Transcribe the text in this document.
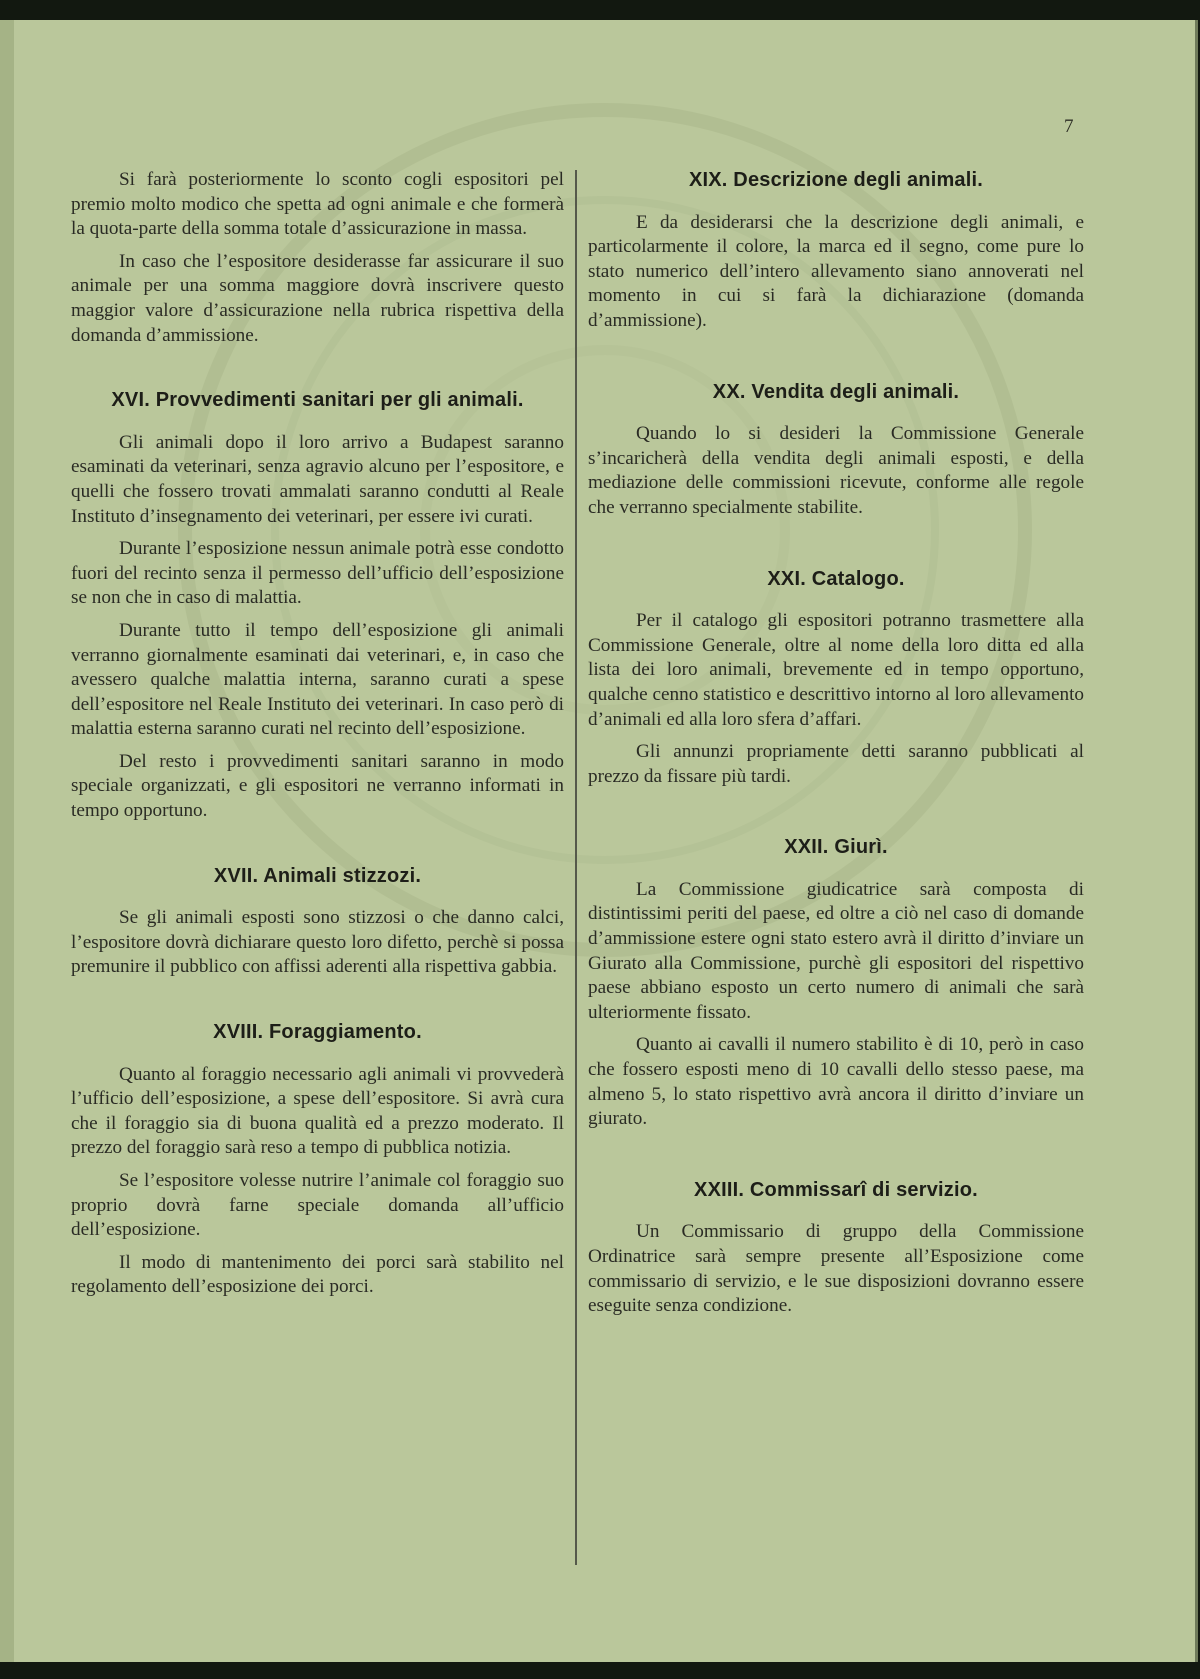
7

Si farà posteriormente lo sconto cogli espositori pel premio molto modico che spetta ad ogni animale e che formerà la quota-parte della somma totale d’assicurazione in massa.

In caso che l’espositore desiderasse far assicurare il suo animale per una somma maggiore dovrà inscrivere questo maggior valore d’assicurazione nella rubrica rispettiva della domanda d’ammissione.

XVI. Provvedimenti sanitari per gli animali.

Gli animali dopo il loro arrivo a Budapest saranno esaminati da veterinari, senza agravio alcuno per l’espositore, e quelli che fossero trovati ammalati saranno condutti al Reale Instituto d’insegnamento dei veterinari, per essere ivi curati.

Durante l’esposizione nessun animale potrà esse condotto fuori del recinto senza il permesso dell’ufficio dell’esposizione se non che in caso di malattia.

Durante tutto il tempo dell’esposizione gli animali verranno giornalmente esaminati dai veterinari, e, in caso che avessero qualche malattia interna, saranno curati a spese dell’espositore nel Reale Instituto dei veterinari. In caso però di malattia esterna saranno curati nel recinto dell’esposizione.

Del resto i provvedimenti sanitari saranno in modo speciale organizzati, e gli espositori ne verranno informati in tempo opportuno.

XVII. Animali stizzozi.

Se gli animali esposti sono stizzosi o che danno calci, l’espositore dovrà dichiarare questo loro difetto, perchè si possa premunire il pubblico con affissi aderenti alla rispettiva gabbia.

XVIII. Foraggiamento.

Quanto al foraggio necessario agli animali vi provvederà l’ufficio dell’esposizione, a spese dell’espositore. Si avrà cura che il foraggio sia di buona qualità ed a prezzo moderato. Il prezzo del foraggio sarà reso a tempo di pubblica notizia.

Se l’espositore volesse nutrire l’animale col foraggio suo proprio dovrà farne speciale domanda all’ufficio dell’esposizione.

Il modo di mantenimento dei porci sarà stabilito nel regolamento dell’esposizione dei porci.

XIX. Descrizione degli animali.

E da desiderarsi che la descrizione degli animali, e particolarmente il colore, la marca ed il segno, come pure lo stato numerico dell’intero allevamento siano annoverati nel momento in cui si farà la dichiarazione (domanda d’ammissione).

XX. Vendita degli animali.

Quando lo si desideri la Commissione Generale s’incaricherà della vendita degli animali esposti, e della mediazione delle commissioni ricevute, conforme alle regole che verranno specialmente stabilite.

XXI. Catalogo.

Per il catalogo gli espositori potranno trasmettere alla Commissione Generale, oltre al nome della loro ditta ed alla lista dei loro animali, brevemente ed in tempo opportuno, qualche cenno statistico e descrittivo intorno al loro allevamento d’animali ed alla loro sfera d’affari.

Gli annunzi propriamente detti saranno pubblicati al prezzo da fissare più tardi.

XXII. Giurì.

La Commissione giudicatrice sarà composta di distintissimi periti del paese, ed oltre a ciò nel caso di domande d’ammissione estere ogni stato estero avrà il diritto d’inviare un Giurato alla Commissione, purchè gli espositori del rispettivo paese abbiano esposto un certo numero di animali che sarà ulteriormente fissato.

Quanto ai cavalli il numero stabilito è di 10, però in caso che fossero esposti meno di 10 cavalli dello stesso paese, ma almeno 5, lo stato rispettivo avrà ancora il diritto d’inviare un giurato.

XXIII. Commissarî di servizio.

Un Commissario di gruppo della Commissione Ordinatrice sarà sempre presente all’Esposizione come commissario di servizio, e le sue disposizioni dovranno essere eseguite senza condizione.
